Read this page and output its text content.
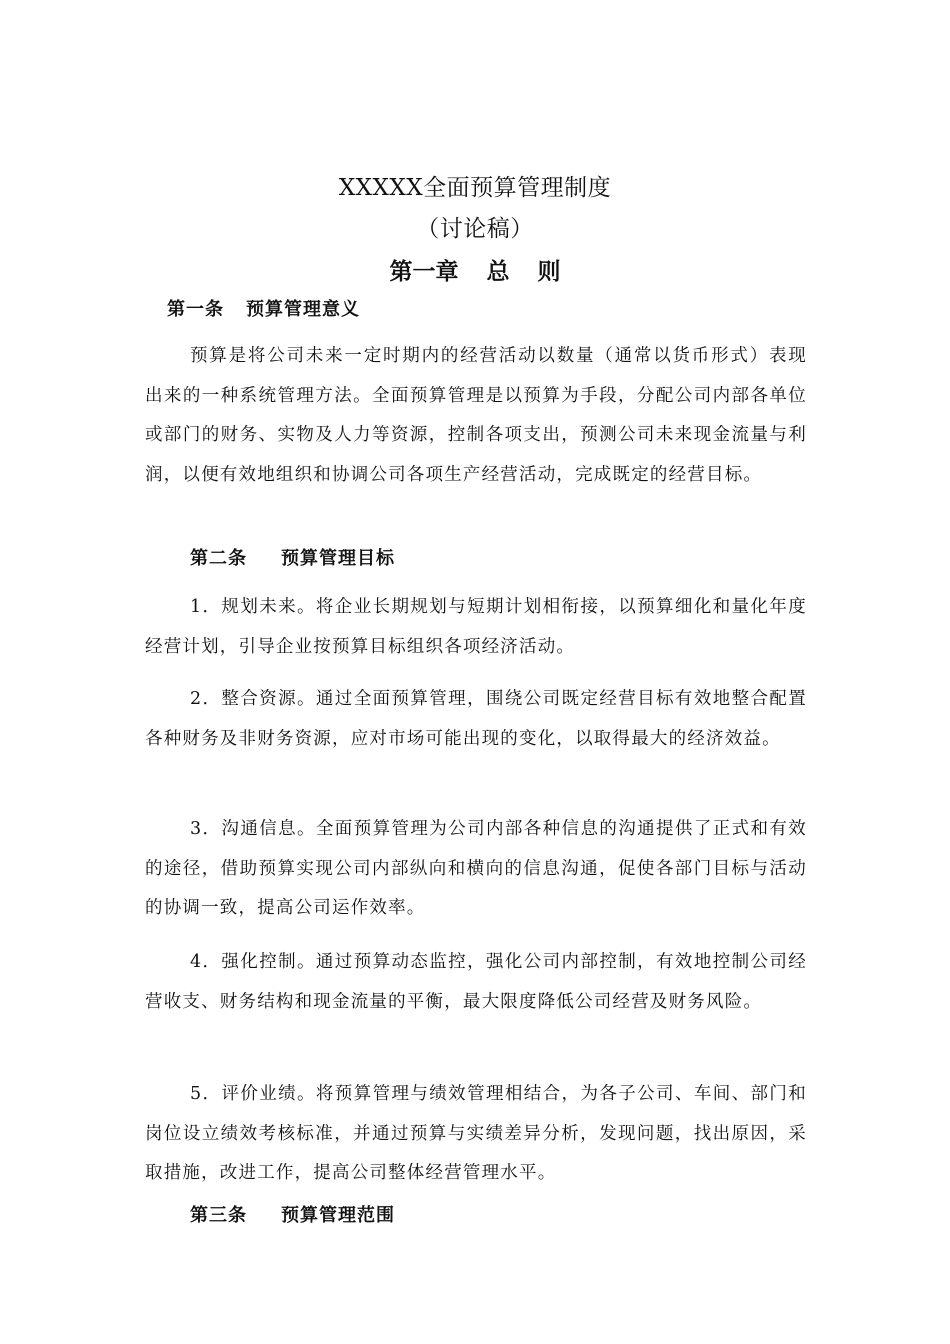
XXXXX全面预算管理制度
（讨论稿）
第一章 总 则
第一条 预算管理意义
预算是将公司未来一定时期内的经营活动以数量（通常以货币形式）表现出来的一种系统管理方法。全面预算管理是以预算为手段，分配公司内部各单位或部门的财务、实物及人力等资源，控制各项支出，预测公司未来现金流量与利润，以便有效地组织和协调公司各项生产经营活动，完成既定的经营目标。
第二条 预算管理目标
1．规划未来。将企业长期规划与短期计划相衔接，以预算细化和量化年度经营计划，引导企业按预算目标组织各项经济活动。
2．整合资源。通过全面预算管理，围绕公司既定经营目标有效地整合配置各种财务及非财务资源，应对市场可能出现的变化，以取得最大的经济效益。
3．沟通信息。全面预算管理为公司内部各种信息的沟通提供了正式和有效的途径，借助预算实现公司内部纵向和横向的信息沟通，促使各部门目标与活动的协调一致，提高公司运作效率。
4．强化控制。通过预算动态监控，强化公司内部控制，有效地控制公司经营收支、财务结构和现金流量的平衡，最大限度降低公司经营及财务风险。
5．评价业绩。将预算管理与绩效管理相结合，为各子公司、车间、部门和岗位设立绩效考核标准，并通过预算与实绩差异分析，发现问题，找出原因，采取措施，改进工作，提高公司整体经营管理水平。
第三条 预算管理范围
